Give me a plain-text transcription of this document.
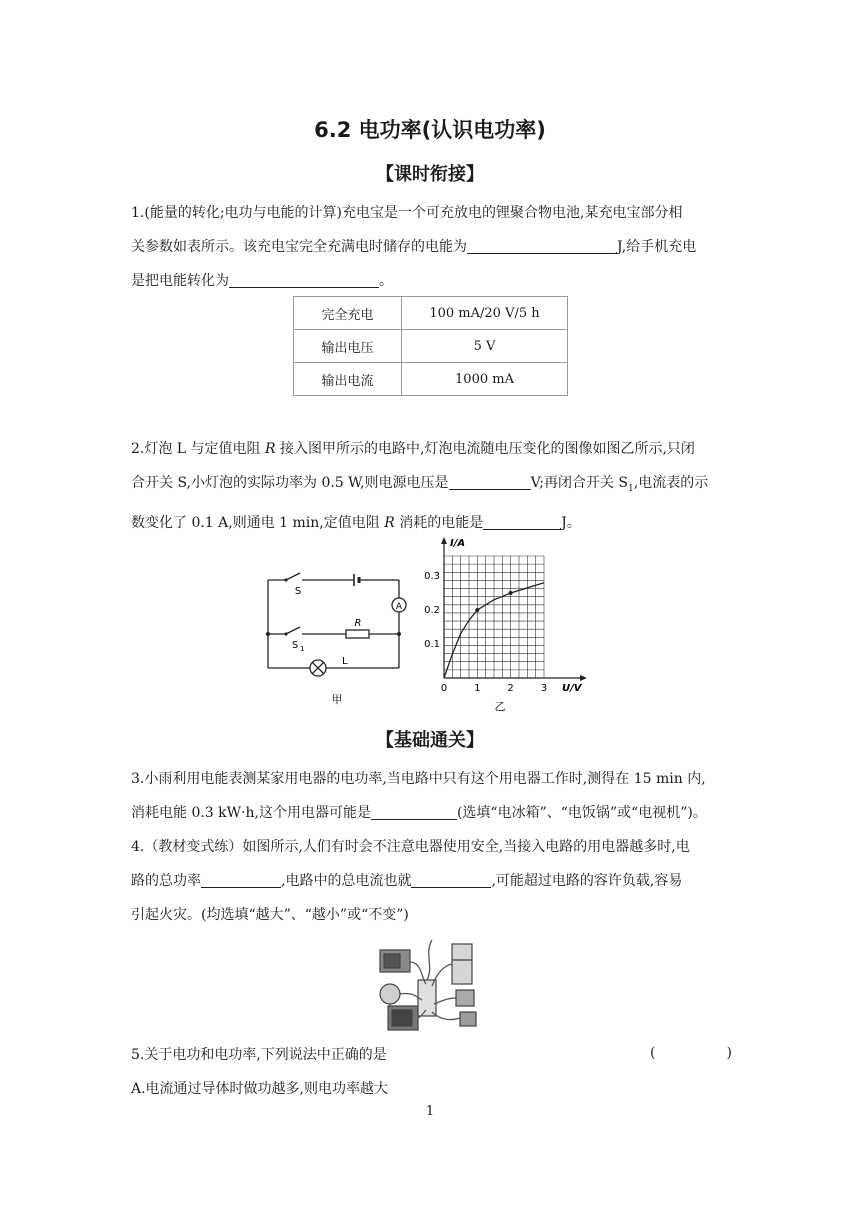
6.2 电功率(认识电功率)
【课时衔接】
1.(能量的转化;电功与电能的计算)充电宝是一个可充放电的锂聚合物电池,某充电宝部分相
关参数如表所示。该充电宝完全充满电时储存的电能为	J,给手机充电
是把电能转化为	。
完全充电	100 mA/20 V/5 h
输出电压	5 V
输出电流	1000 mA
2.灯泡 L 与定值电阻 R 接入图甲所示的电路中,灯泡电流随电压变化的图像如图乙所示,只闭
合开关 S,小灯泡的实际功率为 0.5 W,则电源电压是	V;再闭合开关 $S_1$,电流表的示
数变化了 0.1 A,则通电 1 min,定值电阻 R 消耗的电能是	J。
A
S
S 1
R
L
甲
0	1	2	3
0.1
0.2
0.3
I/A
U/V
乙
【基础通关】
3.小雨利用电能表测某家用电器的电功率,当电路中只有这个用电器工作时,测得在 15 min 内,
消耗电能 0.3 kW·h,这个用电器可能是	(选填“电冰箱”、“电饭锅”或“电视机”)。
4.（教材变式练）如图所示,人们有时会不注意电器使用安全,当接入电路的用电器越多时,电
路的总功率	,电路中的总电流也就	,可能超过电路的容许负载,容易
引起火灾。(均选填“越大”、“越小”或“不变”)
5.关于电功和电功率,下列说法中正确的是
A.电流通过导体时做功越多,则电功率越大
(	)
1
